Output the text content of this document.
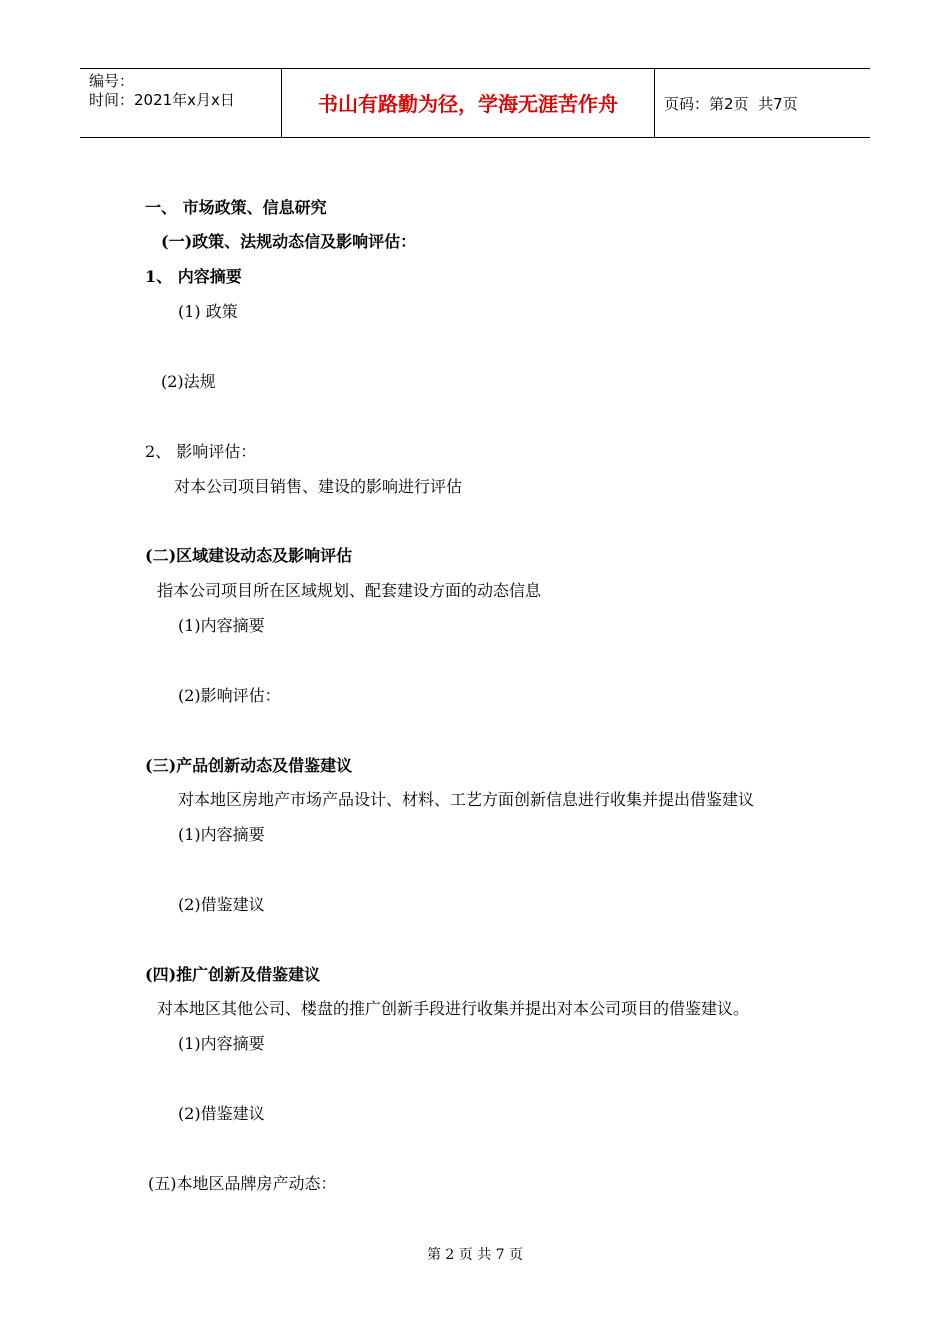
编号：
时间：2021年x月x日	书山有路勤为径，学海无涯苦作舟	页码：第2页  共7页
一、 市场政策、信息研究
(一)政策、法规动态信及影响评估：
1、 内容摘要
(1) 政策
(2)法规
2、 影响评估：
对本公司项目销售、建设的影响进行评估
(二)区域建设动态及影响评估
指本公司项目所在区域规划、配套建设方面的动态信息
(1)内容摘要
(2)影响评估：
(三)产品创新动态及借鉴建议
对本地区房地产市场产品设计、材料、工艺方面创新信息进行收集并提出借鉴建议
(1)内容摘要
(2)借鉴建议
(四)推广创新及借鉴建议
对本地区其他公司、楼盘的推广创新手段进行收集并提出对本公司项目的借鉴建议。
(1)内容摘要
(2)借鉴建议
(五)本地区品牌房产动态：
第 2 页 共 7 页
